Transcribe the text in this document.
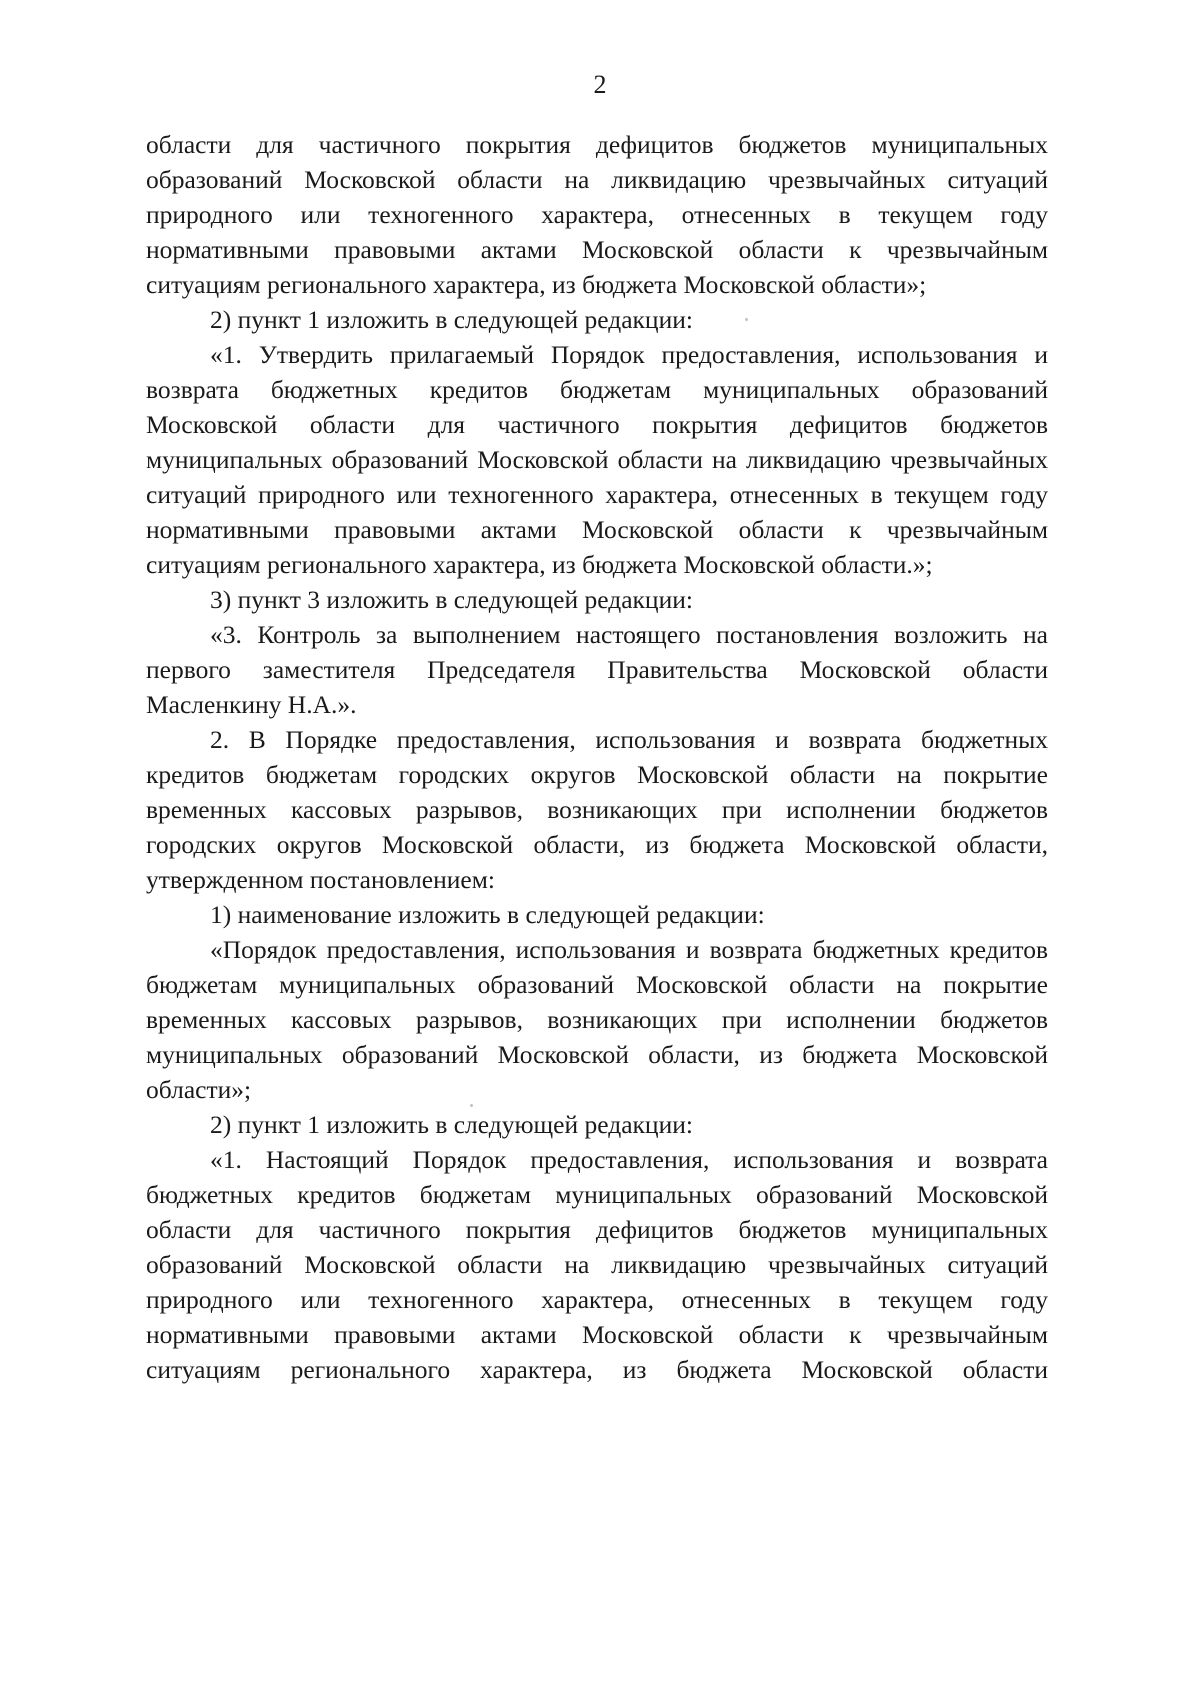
2

области для частичного покрытия дефицитов бюджетов муниципальных образований Московской области на ликвидацию чрезвычайных ситуаций природного или техногенного характера, отнесенных в текущем году нормативными правовыми актами Московской области к чрезвычайным ситуациям регионального характера, из бюджета Московской области»;

2) пункт 1 изложить в следующей редакции:

«1. Утвердить прилагаемый Порядок предоставления, использования и возврата бюджетных кредитов бюджетам муниципальных образований Московской области для частичного покрытия дефицитов бюджетов муниципальных образований Московской области на ликвидацию чрезвычайных ситуаций природного или техногенного характера, отнесенных в текущем году нормативными правовыми актами Московской области к чрезвычайным ситуациям регионального характера, из бюджета Московской области.»;

3) пункт 3 изложить в следующей редакции:

«3. Контроль за выполнением настоящего постановления возложить на первого заместителя Председателя Правительства Московской области Масленкину Н.А.».

2. В Порядке предоставления, использования и возврата бюджетных кредитов бюджетам городских округов Московской области на покрытие временных кассовых разрывов, возникающих при исполнении бюджетов городских округов Московской области, из бюджета Московской области, утвержденном постановлением:

1) наименование изложить в следующей редакции:

«Порядок предоставления, использования и возврата бюджетных кредитов бюджетам муниципальных образований Московской области на покрытие временных кассовых разрывов, возникающих при исполнении бюджетов муниципальных образований Московской области, из бюджета Московской области»;

2) пункт 1 изложить в следующей редакции:

«1. Настоящий Порядок предоставления, использования и возврата бюджетных кредитов бюджетам муниципальных образований Московской области для частичного покрытия дефицитов бюджетов муниципальных образований Московской области на ликвидацию чрезвычайных ситуаций природного или техногенного характера, отнесенных в текущем году нормативными правовыми актами Московской области к чрезвычайным ситуациям регионального характера, из бюджета Московской области
